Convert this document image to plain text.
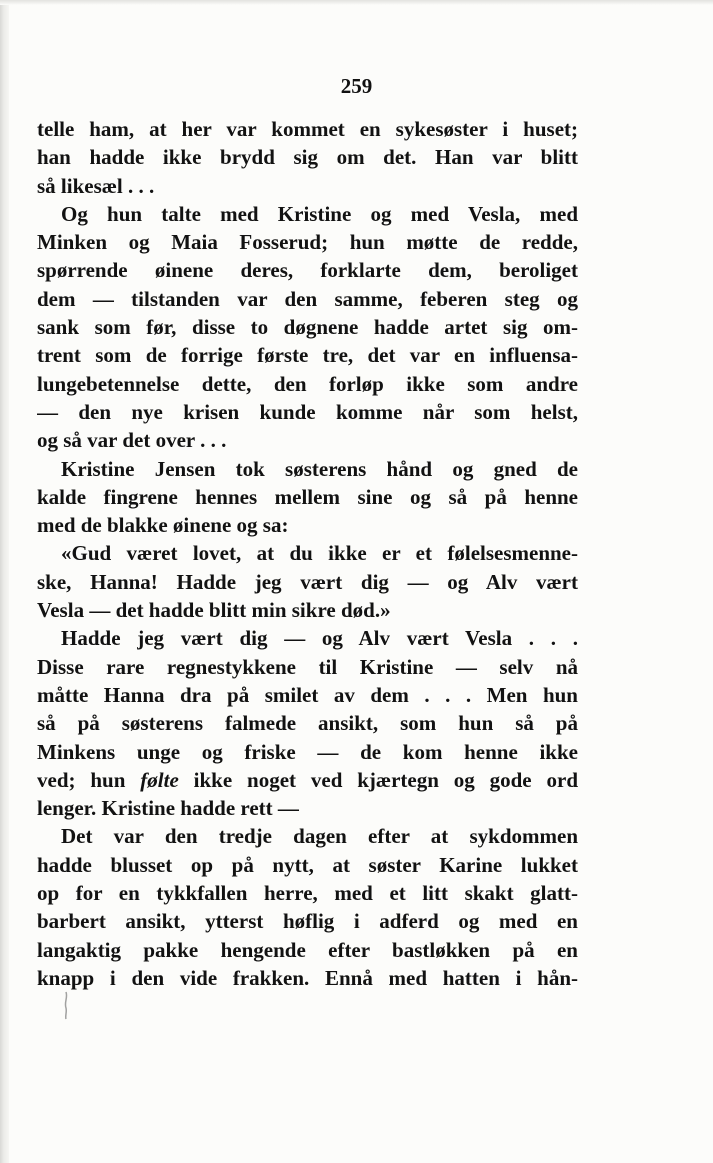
259
telle ham, at her var kommet en sykesøster i huset;
han hadde ikke brydd sig om det. Han var blitt
så likesæl . . .
Og hun talte med Kristine og med Vesla, med
Minken og Maia Fosserud; hun møtte de redde,
spørrende øinene deres, forklarte dem, beroliget
dem — tilstanden var den samme, feberen steg og
sank som før, disse to døgnene hadde artet sig om-
trent som de forrige første tre, det var en influensa-
lungebetennelse dette, den forløp ikke som andre
— den nye krisen kunde komme når som helst,
og så var det over . . .
Kristine Jensen tok søsterens hånd og gned de
kalde fingrene hennes mellem sine og så på henne
med de blakke øinene og sa:
«Gud været lovet, at du ikke er et følelsesmenne-
ske, Hanna! Hadde jeg vært dig — og Alv vært
Vesla — det hadde blitt min sikre død.»
Hadde jeg vært dig — og Alv vært Vesla . . .
Disse rare regnestykkene til Kristine — selv nå
måtte Hanna dra på smilet av dem . . . Men hun
så på søsterens falmede ansikt, som hun så på
Minkens unge og friske — de kom henne ikke
ved; hun følte ikke noget ved kjærtegn og gode ord
lenger. Kristine hadde rett —
Det var den tredje dagen efter at sykdommen
hadde blusset op på nytt, at søster Karine lukket
op for en tykkfallen herre, med et litt skakt glatt-
barbert ansikt, ytterst høflig i adferd og med en
langaktig pakke hengende efter bastløkken på en
knapp i den vide frakken. Ennå med hatten i hån-
